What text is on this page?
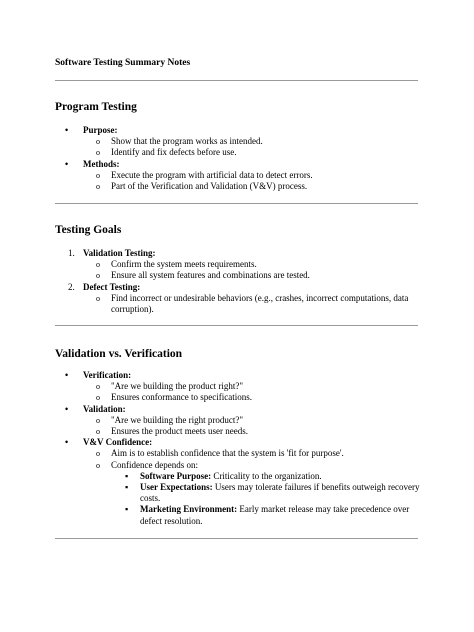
Software Testing Summary Notes
Program Testing
• Purpose:
o Show that the program works as intended.
o Identify and fix defects before use.
• Methods:
o Execute the program with artificial data to detect errors.
o Part of the Verification and Validation (V&V) process.
Testing Goals
1. Validation Testing:
o Confirm the system meets requirements.
o Ensure all system features and combinations are tested.
2. Defect Testing:
o Find incorrect or undesirable behaviors (e.g., crashes, incorrect computations, data corruption).
Validation vs. Verification
• Verification:
o "Are we building the product right?"
o Ensures conformance to specifications.
• Validation:
o "Are we building the right product?"
o Ensures the product meets user needs.
• V&V Confidence:
o Aim is to establish confidence that the system is 'fit for purpose'.
o Confidence depends on:
▪ Software Purpose: Criticality to the organization.
▪ User Expectations: Users may tolerate failures if benefits outweigh recovery costs.
▪ Marketing Environment: Early market release may take precedence over defect resolution.
